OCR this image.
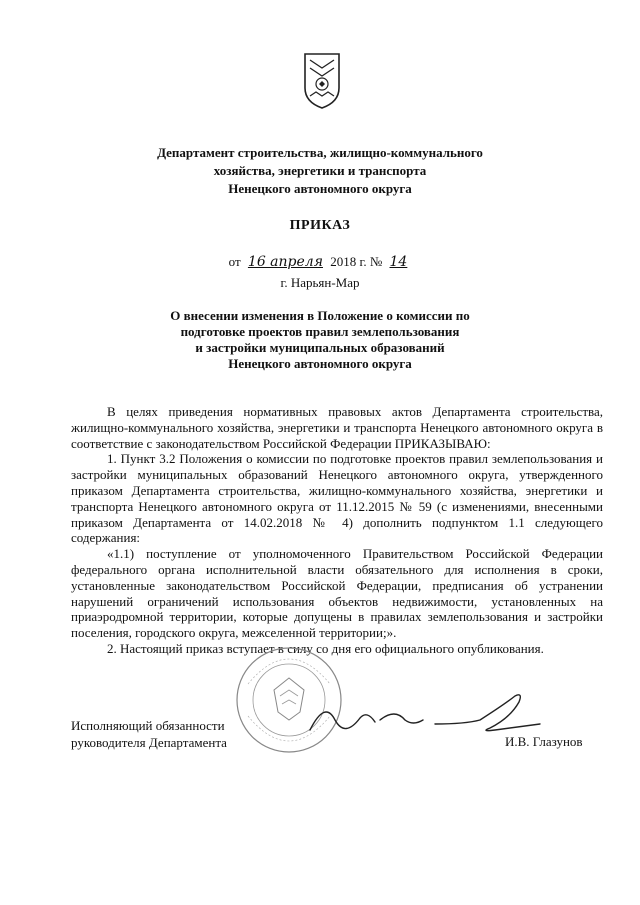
Департамент строительства, жилищно-коммунального
хозяйства, энергетики и транспорта
Ненецкого автономного округа
ПРИКАЗ
от 16 апреля 2018 г. № 14
г. Нарьян-Мар
О внесении изменения в Положение о комиссии по
подготовке проектов правил землепользования
и застройки муниципальных образований
Ненецкого автономного округа

В целях приведения нормативных правовых актов Департамента строительства, жилищно-коммунального хозяйства, энергетики и транспорта Ненецкого автономного округа в соответствие с законодательством Российской Федерации ПРИКАЗЫВАЮ:

1. Пункт 3.2 Положения о комиссии по подготовке проектов правил землепользования и застройки муниципальных образований Ненецкого автономного округа, утвержденного приказом Департамента строительства, жилищно-коммунального хозяйства, энергетики и транспорта Ненецкого автономного округа от 11.12.2015 № 59 (с изменениями, внесенными приказом Департамента от 14.02.2018 № 4) дополнить подпунктом 1.1 следующего содержания:

«1.1) поступление от уполномоченного Правительством Российской Федерации федерального органа исполнительной власти обязательного для исполнения в сроки, установленные законодательством Российской Федерации, предписания об устранении нарушений ограничений использования объектов недвижимости, установленных на приаэродромной территории, которые допущены в правилах землепользования и застройки поселения, городского округа, межселенной территории;».

2. Настоящий приказ вступает в силу со дня его официального опубликования.

Исполняющий обязанности
руководителя Департамента	И.В. Глазунов
